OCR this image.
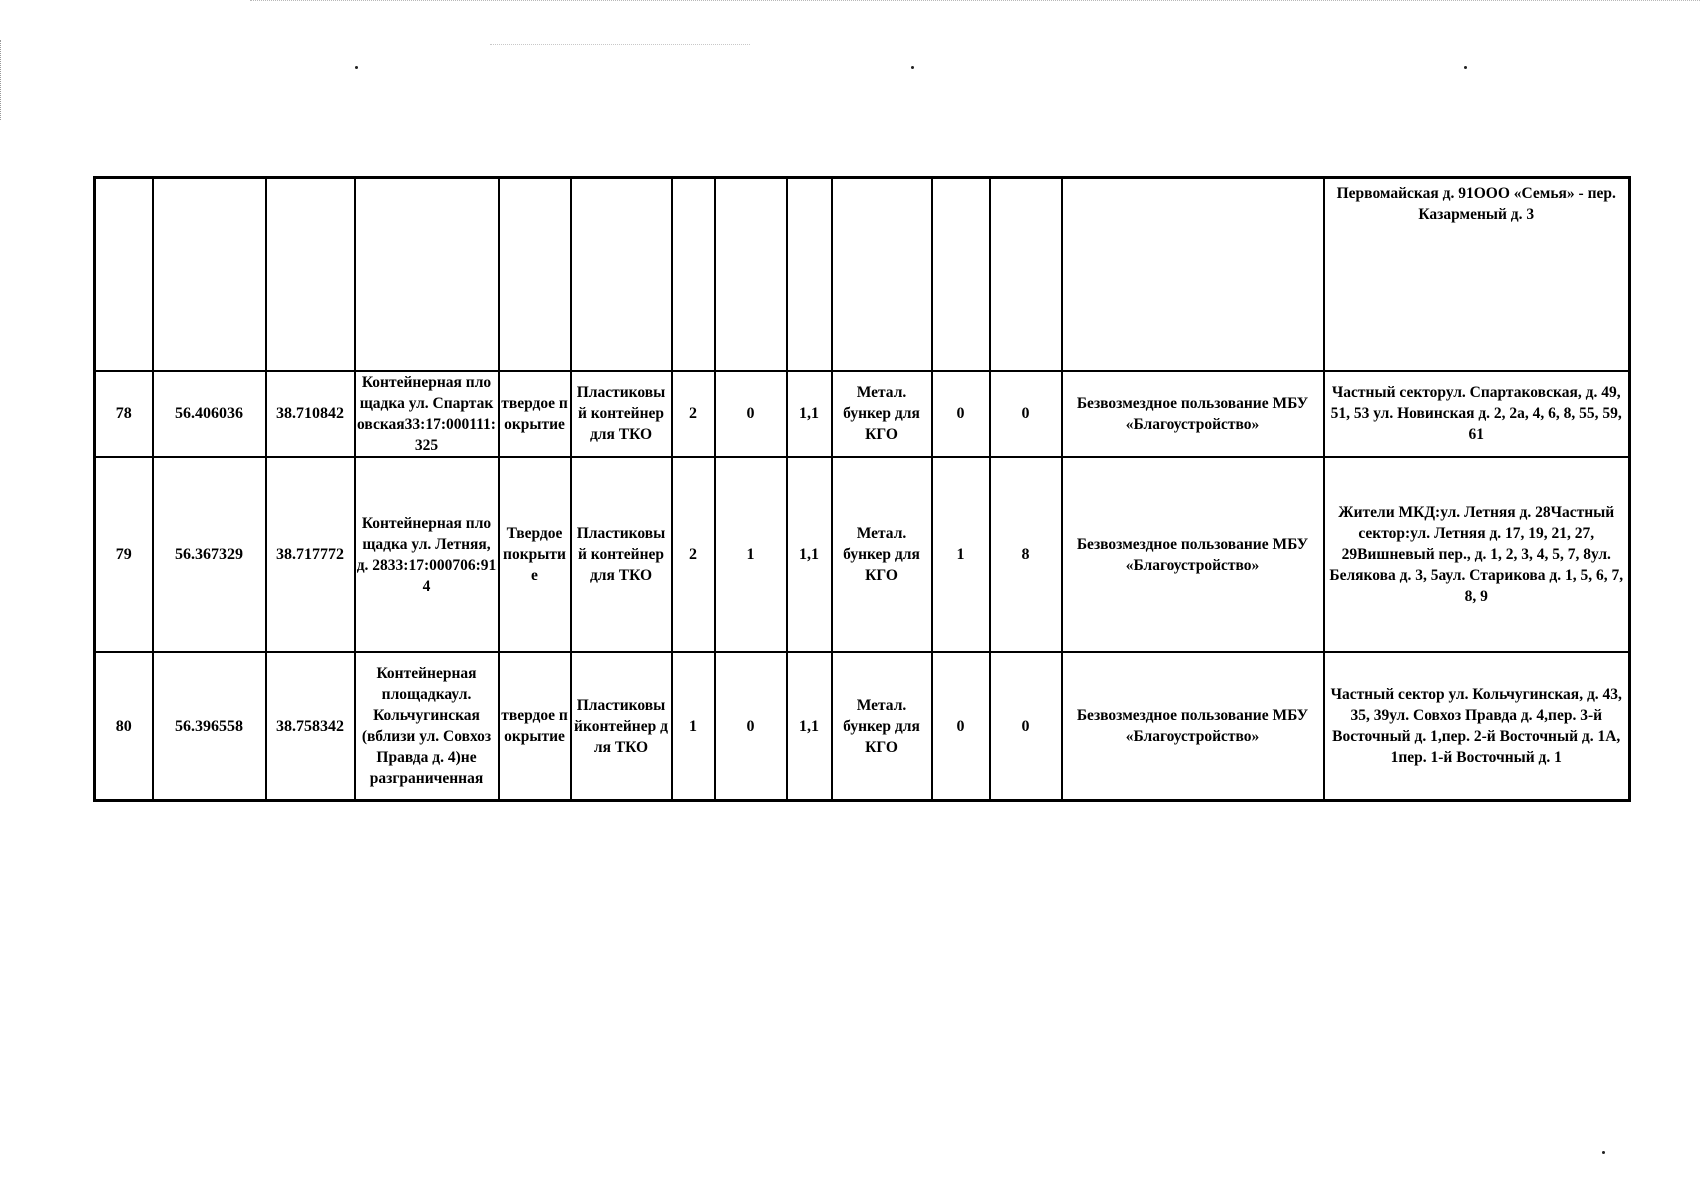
													Первомайская д. 91ООО «Семья» - пер. Казарменый д. 3
78	56.406036	38.710842	Контейнерная площадка ул. Спартаковская33:17:000111:325	твердое покрытие	Пластиковый контейнер для ТКО	2	0	1,1	Метал. бункер для КГО	0	0	Безвозмездное пользование МБУ «Благоустройство»	Частный секторул. Спартаковская, д. 49, 51, 53 ул. Новинская д. 2, 2а, 4, 6, 8, 55, 59, 61
79	56.367329	38.717772	Контейнерная площадка ул. Летняя, д. 2833:17:000706:914	Твердое покрытие	Пластиковый контейнер для ТКО	2	1	1,1	Метал. бункер для КГО	1	8	Безвозмездное пользование МБУ «Благоустройство»	Жители МКД:ул. Летняя д. 28Частный сектор:ул. Летняя д. 17, 19, 21, 27, 29Вишневый пер., д. 1, 2, 3, 4, 5, 7, 8ул. Белякова д. 3, 5аул. Старикова д. 1, 5, 6, 7, 8, 9
80	56.396558	38.758342	Контейнерная площадкаул. Кольчугинская (вблизи ул. Совхоз Правда д. 4)не разграниченная	твердое покрытие	Пластиковыйконтейнер для ТКО	1	0	1,1	Метал. бункер для КГО	0	0	Безвозмездное пользование МБУ «Благоустройство»	Частный сектор ул. Кольчугинская, д. 43, 35, 39ул. Совхоз Правда д. 4,пер. 3-й Восточный д. 1,пер. 2-й Восточный д. 1А, 1пер. 1-й Восточный д. 1
